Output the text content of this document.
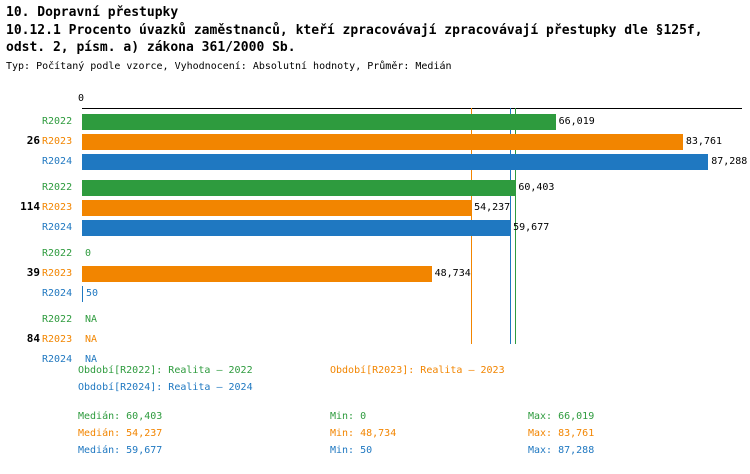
10. Dopravní přestupky
10.12.1 Procento úvazků zaměstnanců, kteří zpracovávají zpracovávají přestupky dle §125f, odst. 2, písm. a) zákona 361/2000 Sb.
Typ: Počítaný podle vzorce, Vyhodnocení: Absolutní hodnoty, Průměr: Medián
0
26
R2022	66,019
R2023	83,761
R2024	87,288
114
R2022	60,403
R2023	54,237
R2024	59,677
39
R2022	0
R2023	48,734
R2024	50
84
R2022	NA
R2023	NA
R2024	NA
Období[R2022]: Realita – 2022	Období[R2023]: Realita – 2023
Období[R2024]: Realita – 2024
Medián: 60,403	Min: 0	Max: 66,019
Medián: 54,237	Min: 48,734	Max: 83,761
Medián: 59,677	Min: 50	Max: 87,288
